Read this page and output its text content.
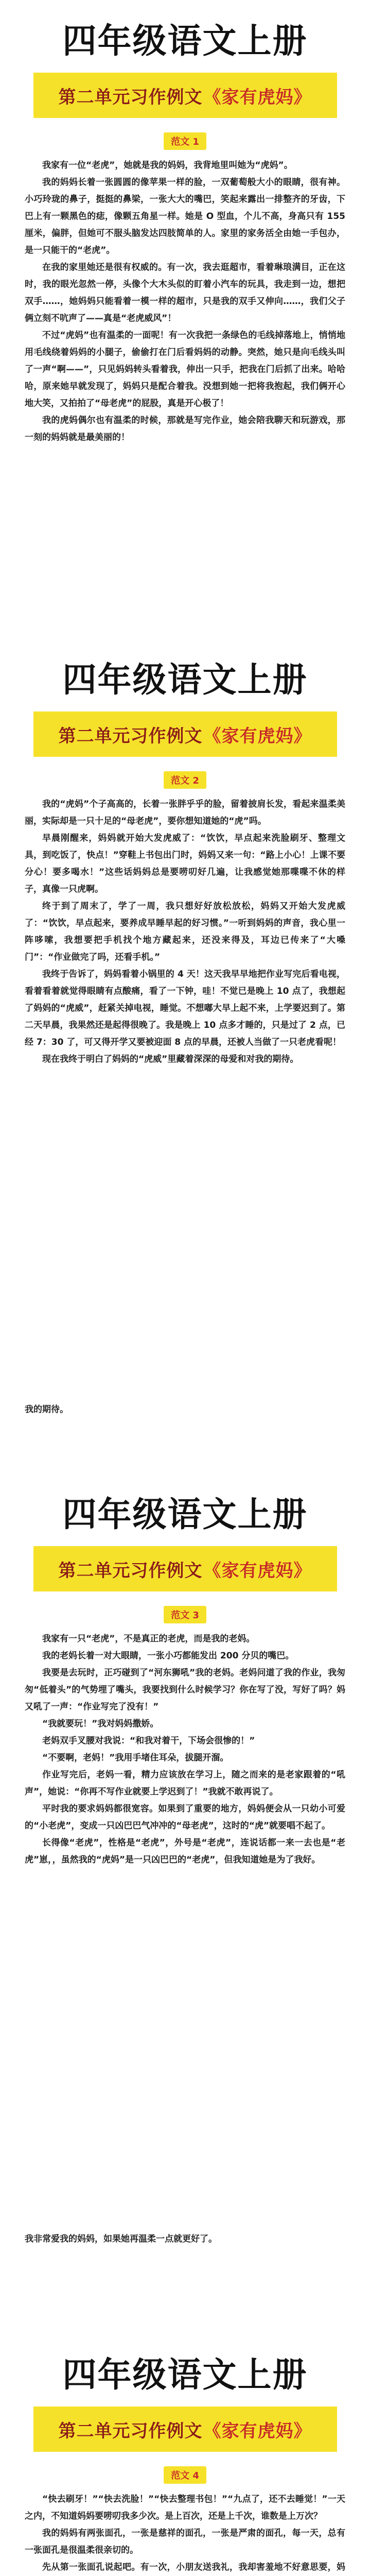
四年级语文上册
第二单元习作例文 《家有虎妈》
范文 1

我家有一位“老虎”，她就是我的妈妈，我背地里叫她为“虎妈”。

我的妈妈长着一张圆圆的像苹果一样的脸，一双葡萄般大小的眼睛，很有神。小巧玲珑的鼻子，挺挺的鼻梁，一张大大的嘴巴，笑起来露出一排整齐的牙齿，下巴上有一颗黑色的痣，像颗五角星一样。她是 O 型血，个儿不高，身高只有 155 厘米，偏胖，但她可不服头脑发达四肢简单的人。家里的家务活全由她一手包办，是一只能干的“老虎”。

在我的家里她还是很有权威的。有一次，我去逛超市，看着琳琅满目，正在这时，我的眼光忽然一停，头像个大木头似的盯着小汽车的玩具，我走到一边，想把双手……，她妈妈只能看着一模一样的超市，只是我的双手又伸向……，我们父子俩立刻不吭声了——真是“老虎威风”！

不过“虎妈”也有温柔的一面呢！有一次我把一条绿色的毛线掉落地上，悄悄地用毛线绕着妈妈的小腿子，偷偷打在门后看妈妈的动静。突然，她只是向毛线头叫了一声“啊——”，只见妈妈转头看着我，伸出一只手，把我在门后抓了出来。哈哈哈，原来她早就发现了，妈妈只是配合着我。没想到她一把将我抱起，我们俩开心地大笑，又拍拍了“母老虎”的屁股，真是开心极了！

我的虎妈偶尔也有温柔的时候，那就是写完作业，她会陪我聊天和玩游戏，那一刻的妈妈就是最美丽的！

四年级语文上册
第二单元习作例文 《家有虎妈》
范文 2

我的“虎妈”个子高高的，长着一张胖乎乎的脸，留着披肩长发，看起来温柔美丽，实际却是一只十足的“母老虎”，要你想知道她的“虎”吗。

早晨刚醒来，妈妈就开始大发虎威了：“饮饮，早点起来洗脸刷牙、整理文具，到吃饭了，快点！”穿鞋上书包出门时，妈妈又来一句：“路上小心！上课不要分心！要多喝水！”这些话妈妈总是要唠叨好几遍，让我感觉她那喋喋不休的样子，真像一只虎啊。

终于到了周末了，学了一周，我只想好好放松放松，妈妈又开始大发虎威了：“饮饮，早点起来，要养成早睡早起的好习惯。”一听到妈妈的声音，我心里一阵哆嗦，我想要把手机找个地方藏起来，还没来得及，耳边已传来了“大嗓门”：“作业做完了吗，还看手机。”

我终于告诉了，妈妈看着小锅里的 4 天！这天我早早地把作业写完后看电视，看着看着就觉得眼睛有点酸痛，看了一下钟，哇！不觉已是晚上 10 点了，我想起了妈妈的“虎威”，赶紧关掉电视，睡觉。不想嘟大早上起不来，上学要迟到了。第二天早晨，我果然还是起得很晚了。我是晚上 10 点多才睡的，只是过了 2 点，已经 7：30 了，可又得开学又要被迎面 8 点的早晨，还被人当做了一只老虎看呢！

现在我终于明白了妈妈的“虎威”里藏着深深的母爱和对我的期待。

我的期待。
四年级语文上册
第二单元习作例文 《家有虎妈》
范文 3

我家有一只“老虎”，不是真正的老虎，而是我的老妈。

我的老妈长着一对大眼睛，一张小巧都能发出 200 分贝的嘴巴。

我要是去玩时，正巧碰到了“河东狮吼”我的老妈。老妈问道了我的作业，我匆匆“低着头”的气势埋了嘴头，我要找到什么时候学习？你在写了没，写好了吗？妈又吼了一声：“作业写完了没有！”

“我就要玩！”我对妈妈撒娇。

老妈双手叉腰对我说：“和我对着干，下场会很惨的！”

“不要啊，老妈！”我用手堵住耳朵，拔腿开溜。

作业写完后，老妈一看，精力应该放在学习上，随之而来的是老家跟着的“吼声”，她说：“你再不写作业就要上学迟到了！”我就不敢再说了。

平时我的要求妈妈都很宽容。如果到了重要的地方，妈妈便会从一只幼小可爱的“小老虎”，变成一只凶巴巴气冲冲的“母老虎”，这时的“虎”就要唱不起了。

长得像“老虎”，性格是“老虎”，外号是“老虎”，连说话都一来一去也是“老虎”崽，，虽然我的“虎妈”是一只凶巴巴的“老虎”，但我知道她是为了我好。

我非常爱我的妈妈，如果她再温柔一点就更好了。
四年级语文上册
第二单元习作例文 《家有虎妈》
范文 4

“快去刷牙！”“快去洗脸！”“快去整理书包！”“九点了，还不去睡觉！”一天之内，不知道妈妈要唠叨我多少次。是上百次，还是上千次，谁数是上万次？

我的妈妈有两张面孔，一张是慈祥的面孔，一张是严肃的面孔，每一天，总有一张面孔是很温柔很亲切的。

先从第一张面孔说起吧。有一次，小朋友送我礼，我却害羞地不好意思要，妈
